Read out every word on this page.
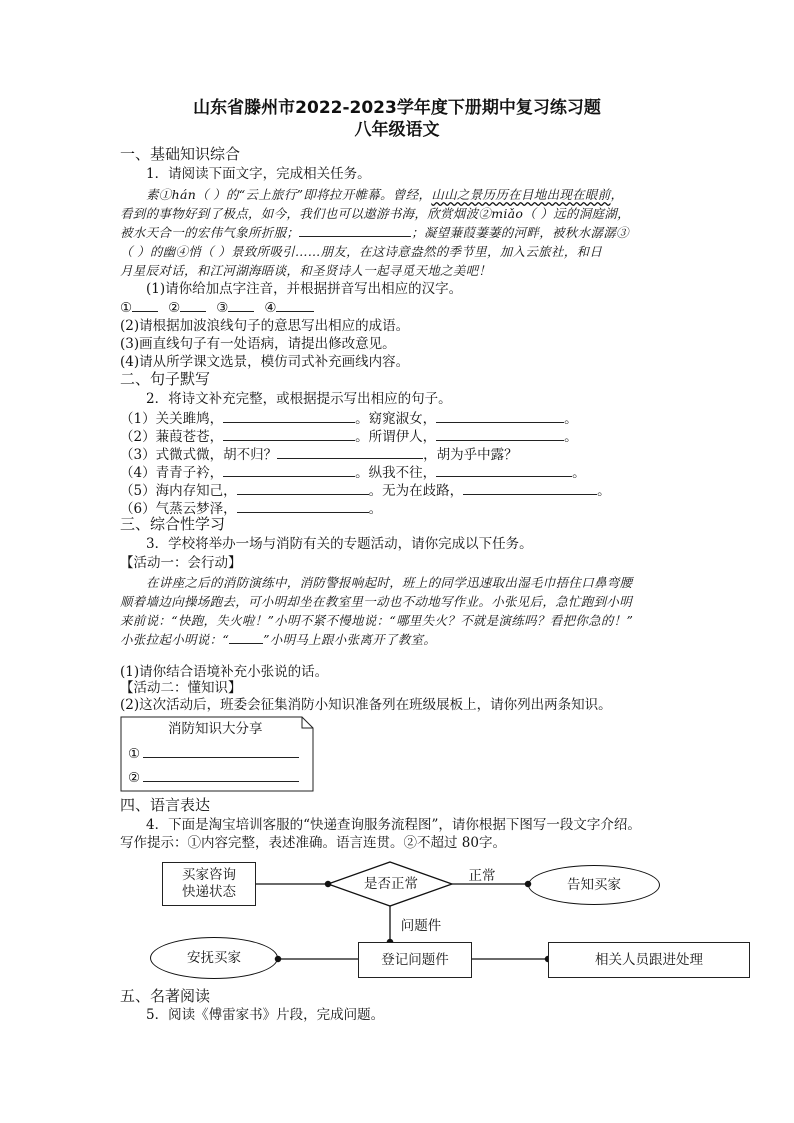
山东省滕州市2022-2023学年度下册期中复习练习题
八年级语文
一、基础知识综合
1．请阅读下面文字，完成相关任务。
素①hán（ ）的“云上旅行”即将拉开帷幕。曾经，山山之景历历在目地出现在眼前，
看到的事物好到了极点，如今，我们也可以遨游书海，欣赏烟波②miǎo（ ）远的洞庭湖，
被水天合一的宏伟气象所折服；	；凝望蒹葭萋萋的河畔，被秋水潺潺③
（ ）的幽④悄（ ）景致所吸引……朋友，在这诗意盎然的季节里，加入云旅社，和日
月星辰对话，和江河湖海晤谈，和圣贤诗人一起寻觅天地之美吧！
(1)请你给加点字注音，并根据拼音写出相应的汉字。
①	②	③	④
(2)请根据加波浪线句子的意思写出相应的成语。
(3)画直线句子有一处语病，请提出修改意见。
(4)请从所学课文选景，模仿司式补充画线内容。
二、句子默写
2．将诗文补充完整，或根据提示写出相应的句子。
（1）关关雎鸠，	。窈窕淑女，	。
（2）蒹葭苍苍，	。所谓伊人，	。
（3）式微式微，胡不归？	，胡为乎中露？
（4）青青子衿，	。纵我不往，	。
（5）海内存知己，	。无为在歧路，	。
（6）气蒸云梦泽，	。
三、综合性学习
3．学校将举办一场与消防有关的专题活动，请你完成以下任务。
【活动一：会行动】
在讲座之后的消防演练中，消防警报响起时，班上的同学迅速取出湿毛巾捂住口鼻弯腰
顺着墙边向操场跑去，可小明却坐在教室里一动也不动地写作业。小张见后，急忙跑到小明
来前说：“快跑，失火啦！”小明不紧不慢地说：“哪里失火？不就是演练吗？看把你急的！”
小张拉起小明说：“	”小明马上跟小张离开了教室。
(1)请你结合语境补充小张说的话。
【活动二：懂知识】
(2)这次活动后，班委会征集消防小知识准备列在班级展板上，请你列出两条知识。
消防知识大分享
①
②
四、语言表达
4．下面是淘宝培训客服的“快递查询服务流程图”，请你根据下图写一段文字介绍。
写作提示：①内容完整，表述准确。语言连贯。②不超过 80字。
买家咨询
快递状态
是否正常	正常
告知买家
问题件
登记问题件
安抚买家	相关人员跟进处理
五、名著阅读
5．阅读《傅雷家书》片段，完成问题。
